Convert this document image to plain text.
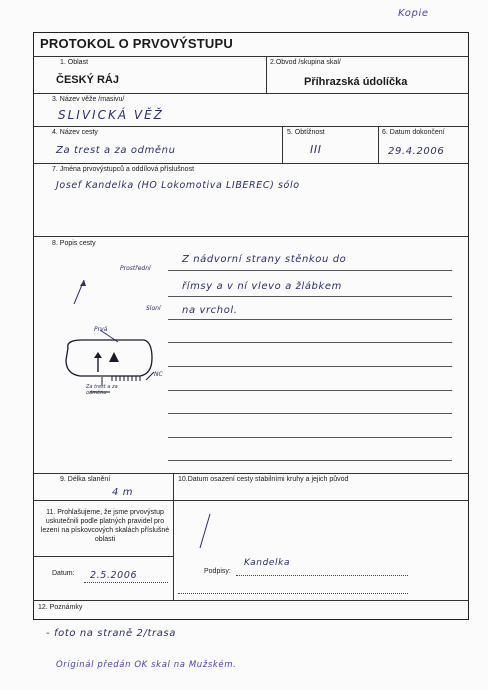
Kopie
PROTOKOL O PRVOVÝSTUPU
1. Oblast
ČESKÝ RÁJ
2.Obvod /skupina skal/
Příhrazská údolíčka
3. Název věže /masivu/
SLIVICKÁ VĚŽ
4. Název cesty
Za trest a za odměnu
5. Obtížnost
III
6. Datum dokončení
29.4.2006
7. Jména prvovýstupců a oddílová příslušnost
Josef Kandelka (HO Lokomotiva LIBEREC) sólo
8. Popis cesty
Z nádvorní strany stěnkou do
římsy a v ní vlevo a žlábkem
na vrchol.
Prostřední
Sloní
Prvá
Za trest a za odměnu
NC
9. Délka slanění
4 m
10.Datum osazení cesty stabilními kruhy a jejich původ
11. Prohlašujeme, že jsme prvovýstup uskutečnili podle platných pravidel pro lezení na pískovcových skalách příslušné oblasti
Datum: 2.5.2006	Podpisy:
Kandelka
12. Poznámky
- foto na straně 2/trasa
Originál předán OK skal na Mužském.
